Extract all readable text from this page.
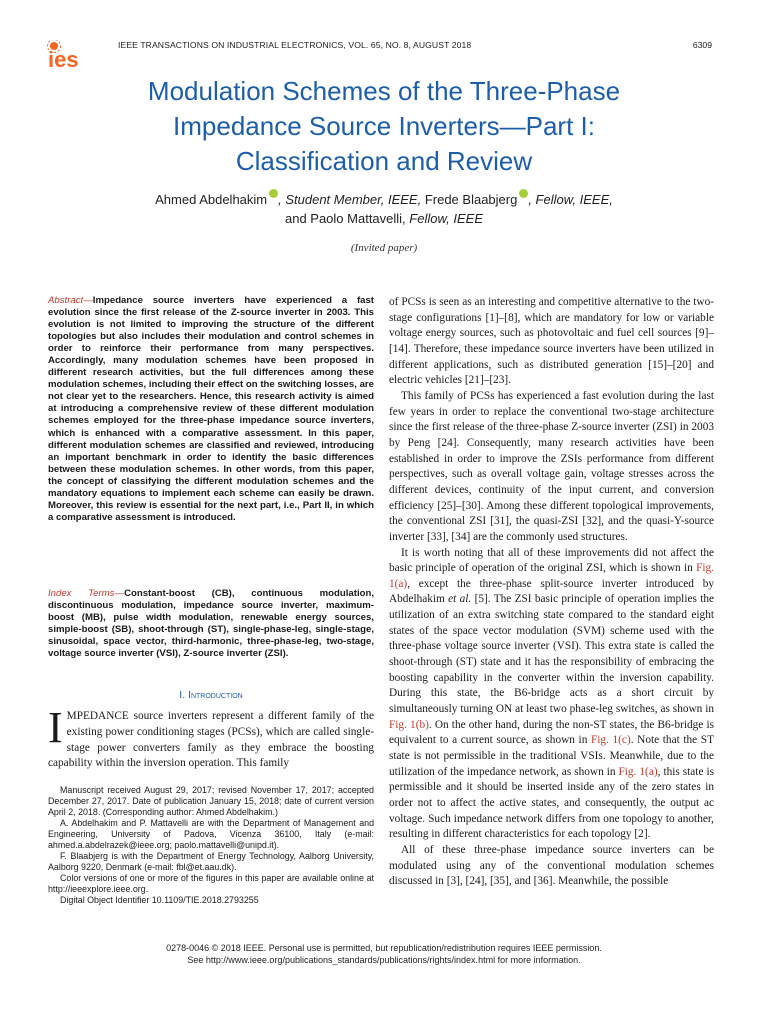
ies
IEEE TRANSACTIONS ON INDUSTRIAL ELECTRONICS, VOL. 65, NO. 8, AUGUST 2018	6309
Modulation Schemes of the Three-Phase
Impedance Source Inverters—Part I:
Classification and Review
Ahmed Abdelhakim , Student Member, IEEE, Frede Blaabjerg , Fellow, IEEE,
and Paolo Mattavelli, Fellow, IEEE
(Invited paper)
Abstract—Impedance source inverters have experienced a fast evolution since the first release of the Z-source inverter in 2003. This evolution is not limited to improving the structure of the different topologies but also includes their modulation and control schemes in order to reinforce their performance from many perspectives. Accordingly, many modulation schemes have been proposed in different research activities, but the full differences among these modulation schemes, including their effect on the switching losses, are not clear yet to the researchers. Hence, this research activity is aimed at introducing a comprehensive review of these different modulation schemes employed for the three-phase impedance source inverters, which is enhanced with a comparative assessment. In this paper, different modulation schemes are classified and reviewed, introducing an important benchmark in order to identify the basic differences between these modulation schemes. In other words, from this paper, the concept of classifying the different modulation schemes and the mandatory equations to implement each scheme can easily be drawn. Moreover, this review is essential for the next part, i.e., Part II, in which a comparative assessment is introduced.
Index Terms—Constant-boost (CB), continuous modulation, discontinuous modulation, impedance source inverter, maximum-boost (MB), pulse width modulation, renewable energy sources, simple-boost (SB), shoot-through (ST), single-phase-leg, single-stage, sinusoidal, space vector, third-harmonic, three-phase-leg, two-stage, voltage source inverter (VSI), Z-source inverter (ZSI).
I. Introduction
IMPEDANCE source inverters represent a different family of the existing power conditioning stages (PCSs), which are called single-stage power converters family as they embrace the boosting capability within the inversion operation. This family

Manuscript received August 29, 2017; revised November 17, 2017; accepted December 27, 2017. Date of publication January 15, 2018; date of current version April 2, 2018. (Corresponding author: Ahmed Abdelhakim.)

A. Abdelhakim and P. Mattavelli are with the Department of Management and Engineering, University of Padova, Vicenza 36100, Italy (e-mail: ahmed.a.abdelrazek@ieee.org; paolo.mattavelli@unipd.it).

F. Blaabjerg is with the Department of Energy Technology, Aalborg University, Aalborg 9220, Denmark (e-mail: fbl@et.aau.dk).

Color versions of one or more of the figures in this paper are available online at http://ieeexplore.ieee.org.

Digital Object Identifier 10.1109/TIE.2018.2793255

of PCSs is seen as an interesting and competitive alternative to the two-stage configurations [1]–[8], which are mandatory for low or variable voltage energy sources, such as photovoltaic and fuel cell sources [9]–[14]. Therefore, these impedance source inverters have been utilized in different applications, such as distributed generation [15]–[20] and electric vehicles [21]–[23].

This family of PCSs has experienced a fast evolution during the last few years in order to replace the conventional two-stage architecture since the first release of the three-phase Z-source inverter (ZSI) in 2003 by Peng [24]. Consequently, many research activities have been established in order to improve the ZSIs performance from different perspectives, such as overall voltage gain, voltage stresses across the different devices, continuity of the input current, and conversion efficiency [25]–[30]. Among these different topological improvements, the conventional ZSI [31], the quasi-ZSI [32], and the quasi-Y-source inverter [33], [34] are the commonly used structures.

It is worth noting that all of these improvements did not affect the basic principle of operation of the original ZSI, which is shown in Fig. 1(a), except the three-phase split-source inverter introduced by Abdelhakim et al. [5]. The ZSI basic principle of operation implies the utilization of an extra switching state compared to the standard eight states of the space vector modulation (SVM) scheme used with the three-phase voltage source inverter (VSI). This extra state is called the shoot-through (ST) state and it has the responsibility of embracing the boosting capability in the converter within the inversion capability. During this state, the B6-bridge acts as a short circuit by simultaneously turning ON at least two phase-leg switches, as shown in Fig. 1(b). On the other hand, during the non-ST states, the B6-bridge is equivalent to a current source, as shown in Fig. 1(c). Note that the ST state is not permissible in the traditional VSIs. Meanwhile, due to the utilization of the impedance network, as shown in Fig. 1(a), this state is permissible and it should be inserted inside any of the zero states in order not to affect the active states, and consequently, the output ac voltage. Such impedance network differs from one topology to another, resulting in different characteristics for each topology [2].

All of these three-phase impedance source inverters can be modulated using any of the conventional modulation schemes discussed in [3], [24], [35], and [36]. Meanwhile, the possible

0278-0046 © 2018 IEEE. Personal use is permitted, but republication/redistribution requires IEEE permission.
See http://www.ieee.org/publications_standards/publications/rights/index.html for more information.
